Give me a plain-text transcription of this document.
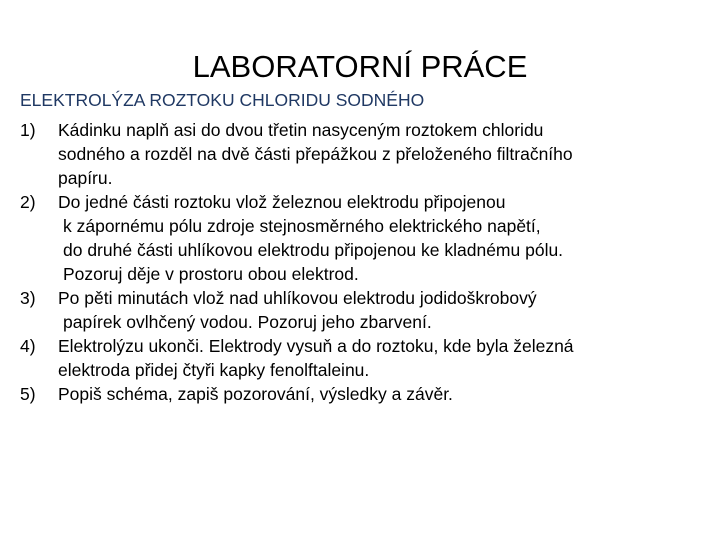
LABORATORNÍ PRÁCE
ELEKTROLÝZA ROZTOKU CHLORIDU SODNÉHO
1)	Kádinku naplň asi do dvou třetin nasyceným roztokem chloridu
sodného a rozděl na dvě části přepážkou z přeloženého filtračního
papíru.
2)	Do jedné části roztoku vlož železnou elektrodu připojenou
k zápornému pólu zdroje stejnosměrného elektrického napětí,
do druhé části uhlíkovou elektrodu připojenou ke kladnému pólu.
Pozoruj děje v prostoru obou elektrod.
3)	Po pěti minutách vlož nad uhlíkovou elektrodu jodidoškrobový
papírek ovlhčený vodou. Pozoruj jeho zbarvení.
4)	Elektrolýzu ukonči. Elektrody vysuň a do roztoku, kde byla železná
elektroda přidej čtyři kapky fenolftaleinu.
5)	Popiš schéma, zapiš pozorování, výsledky a závěr.
